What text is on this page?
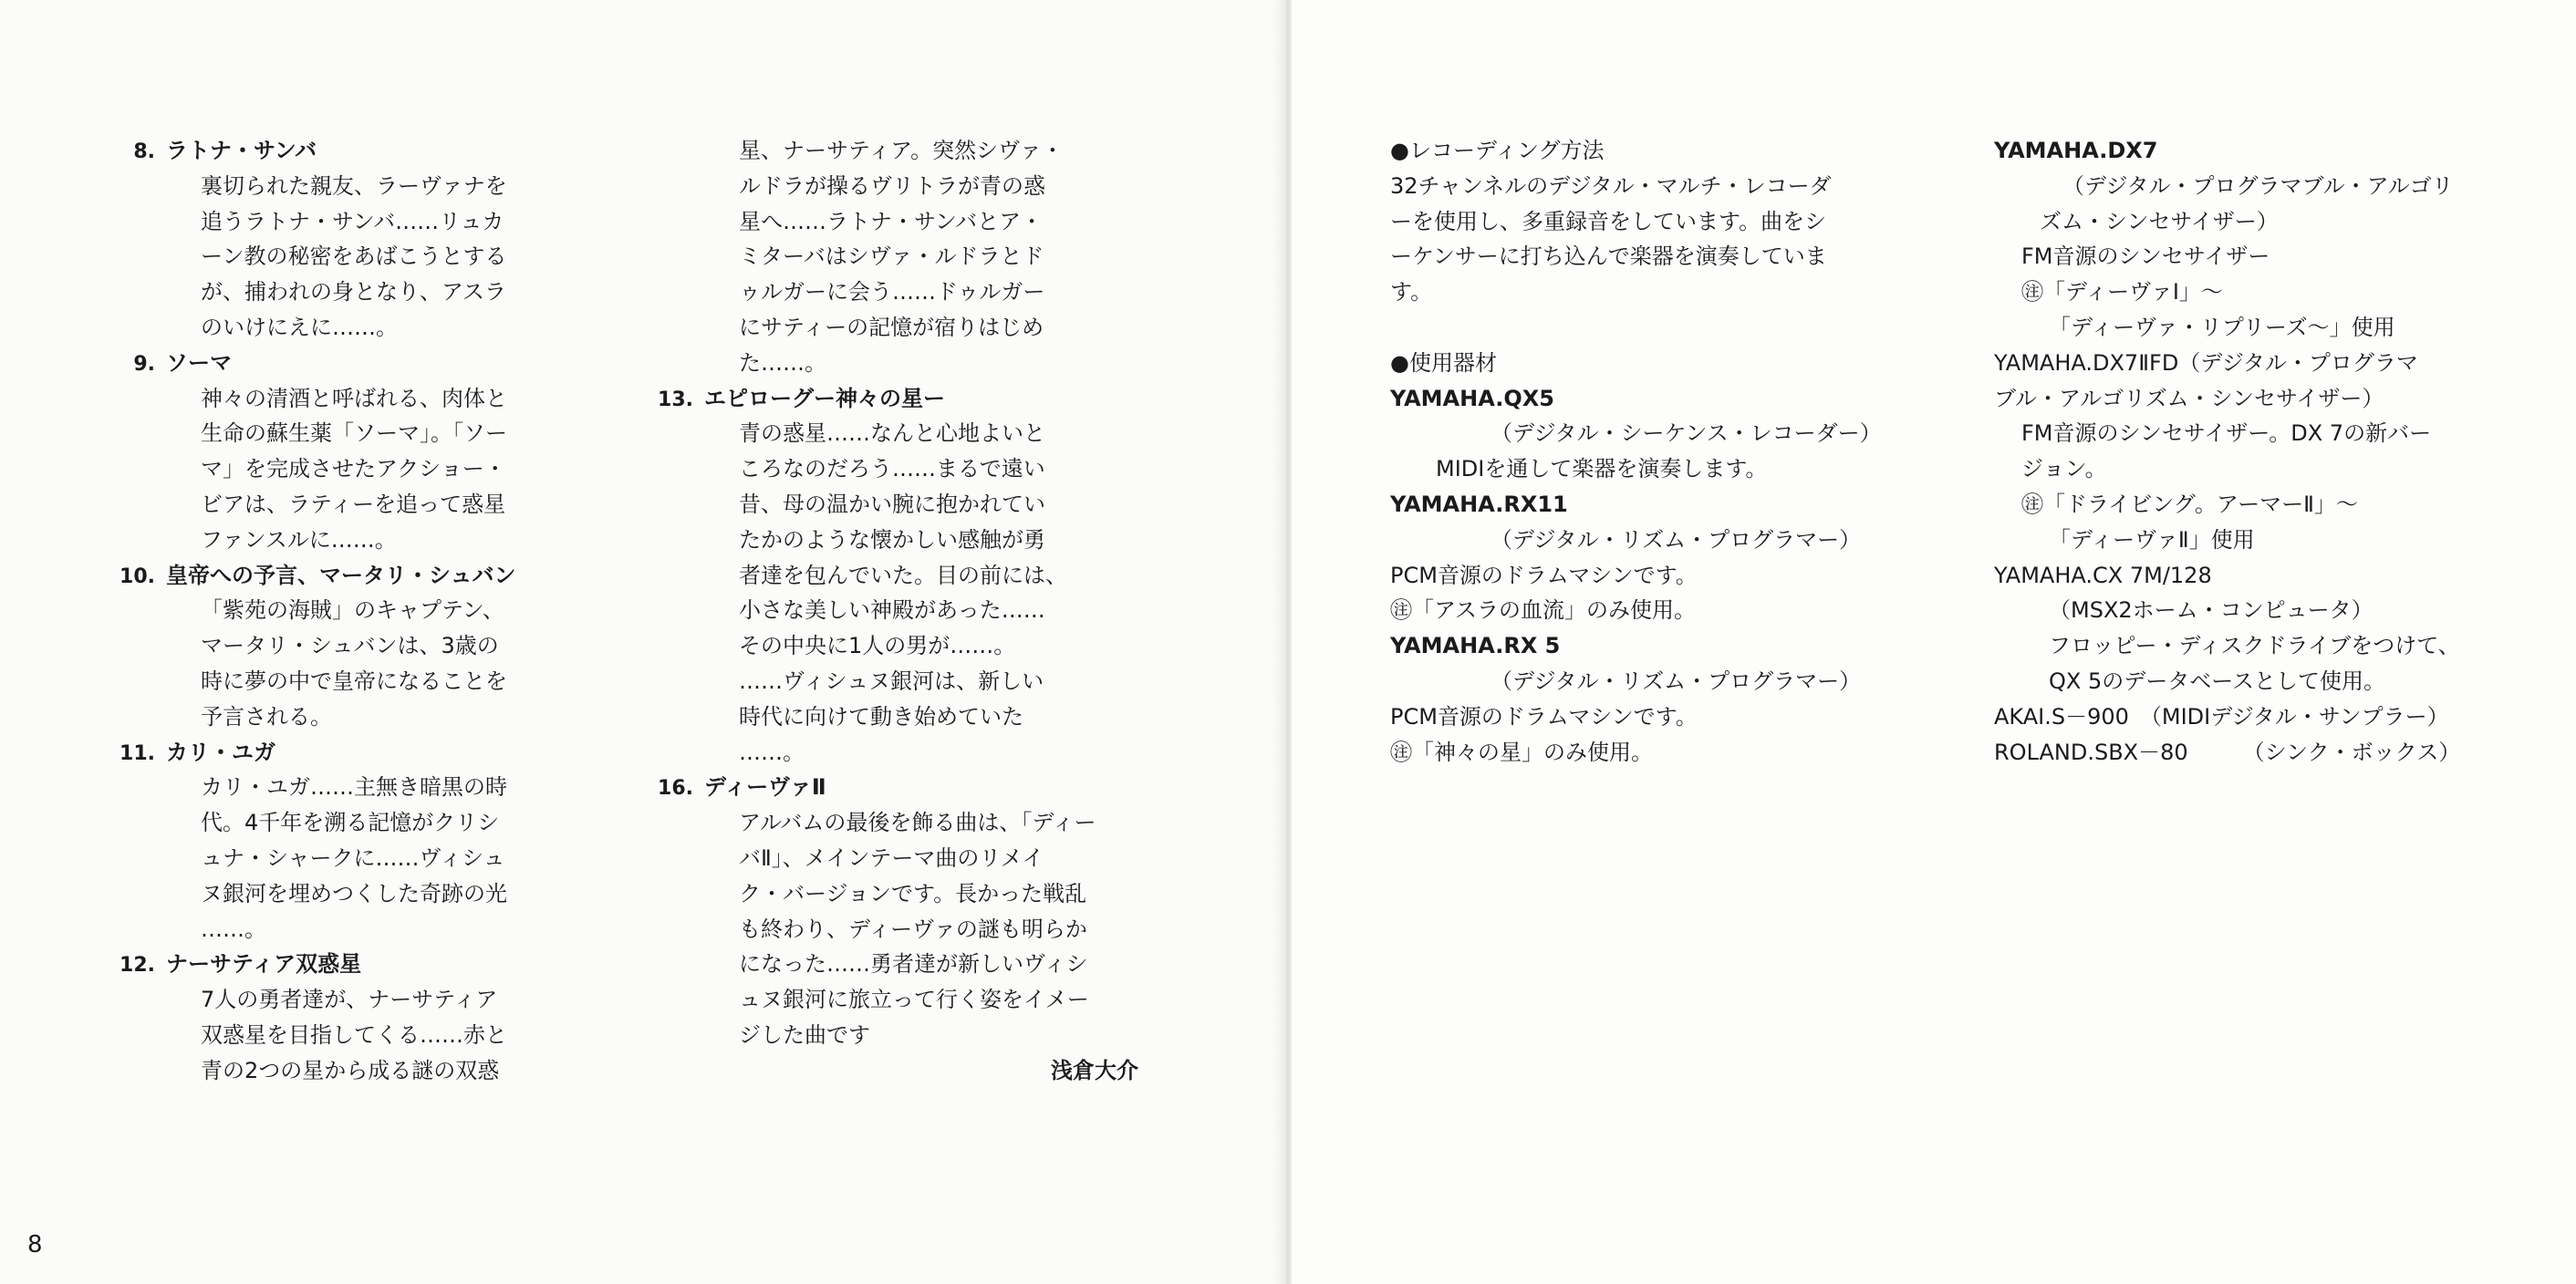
8. ラトナ・サンバ
裏切られた親友、ラーヴァナを
追うラトナ・サンバ……リュカ
ーン教の秘密をあばこうとする
が、捕われの身となり、アスラ
のいけにえに……。
9. ソーマ
神々の清酒と呼ばれる、肉体と
生命の蘇生薬「ソーマ」。「ソー
マ」を完成させたアクショー・
ビアは、ラティーを追って惑星
ファンスルに……。
10. 皇帝への予言、マータリ・シュバン
「紫苑の海賊」のキャプテン、
マータリ・シュバンは、3歳の
時に夢の中で皇帝になることを
予言される。
11. カリ・ユガ
カリ・ユガ……主無き暗黒の時
代。4千年を溯る記憶がクリシ
ュナ・シャークに……ヴィシュ
ヌ銀河を埋めつくした奇跡の光
……。
12. ナーサティア双惑星
7人の勇者達が、ナーサティア
双惑星を目指してくる……赤と
青の2つの星から成る謎の双惑
星、ナーサティア。突然シヴァ・
ルドラが操るヴリトラが青の惑
星へ……ラトナ・サンバとア・
ミターバはシヴァ・ルドラとド
ゥルガーに会う……ドゥルガー
にサティーの記憶が宿りはじめ
た……。
13. エピローグー神々の星ー
青の惑星……なんと心地よいと
ころなのだろう……まるで遠い
昔、母の温かい腕に抱かれてい
たかのような懐かしい感触が勇
者達を包んでいた。目の前には、
小さな美しい神殿があった……
その中央に1人の男が……。
……ヴィシュヌ銀河は、新しい
時代に向けて動き始めていた
……。
16. ディーヴァⅡ
アルバムの最後を飾る曲は、「ディー
バⅡ」、メインテーマ曲のリメイ
ク・バージョンです。長かった戦乱
も終わり、ディーヴァの謎も明らか
になった……勇者達が新しいヴィシ
ュヌ銀河に旅立って行く姿をイメー
ジした曲です
浅倉大介
8
●レコーディング方法
32チャンネルのデジタル・マルチ・レコーダ
ーを使用し、多重録音をしています。曲をシ
ーケンサーに打ち込んで楽器を演奏していま
す。
●使用器材
YAMAHA.QX5
（デジタル・シーケンス・レコーダー）
MIDIを通して楽器を演奏します。
YAMAHA.RX11
（デジタル・リズム・プログラマー）
PCM音源のドラムマシンです。
㊟「アスラの血流」のみ使用。
YAMAHA.RX 5
（デジタル・リズム・プログラマー）
PCM音源のドラムマシンです。
㊟「神々の星」のみ使用。
YAMAHA.DX7
（デジタル・プログラマブル・アルゴリ
ズム・シンセサイザー）
FM音源のシンセサイザー
㊟「ディーヴァⅠ」～
「ディーヴァ・リプリーズ～」使用
YAMAHA.DX7ⅡFD（デジタル・プログラマ
ブル・アルゴリズム・シンセサイザー）
FM音源のシンセサイザー。DX 7の新バー
ジョン。
㊟「ドライビング。アーマーⅡ」～
「ディーヴァⅡ」使用
YAMAHA.CX 7M/128
（MSX2ホーム・コンピュータ）
フロッピー・ディスクドライブをつけて、
QX 5のデータベースとして使用。
AKAI.S－900　（MIDIデジタル・サンプラー）
ROLAND.SBX－80　　　（シンク・ボックス）
